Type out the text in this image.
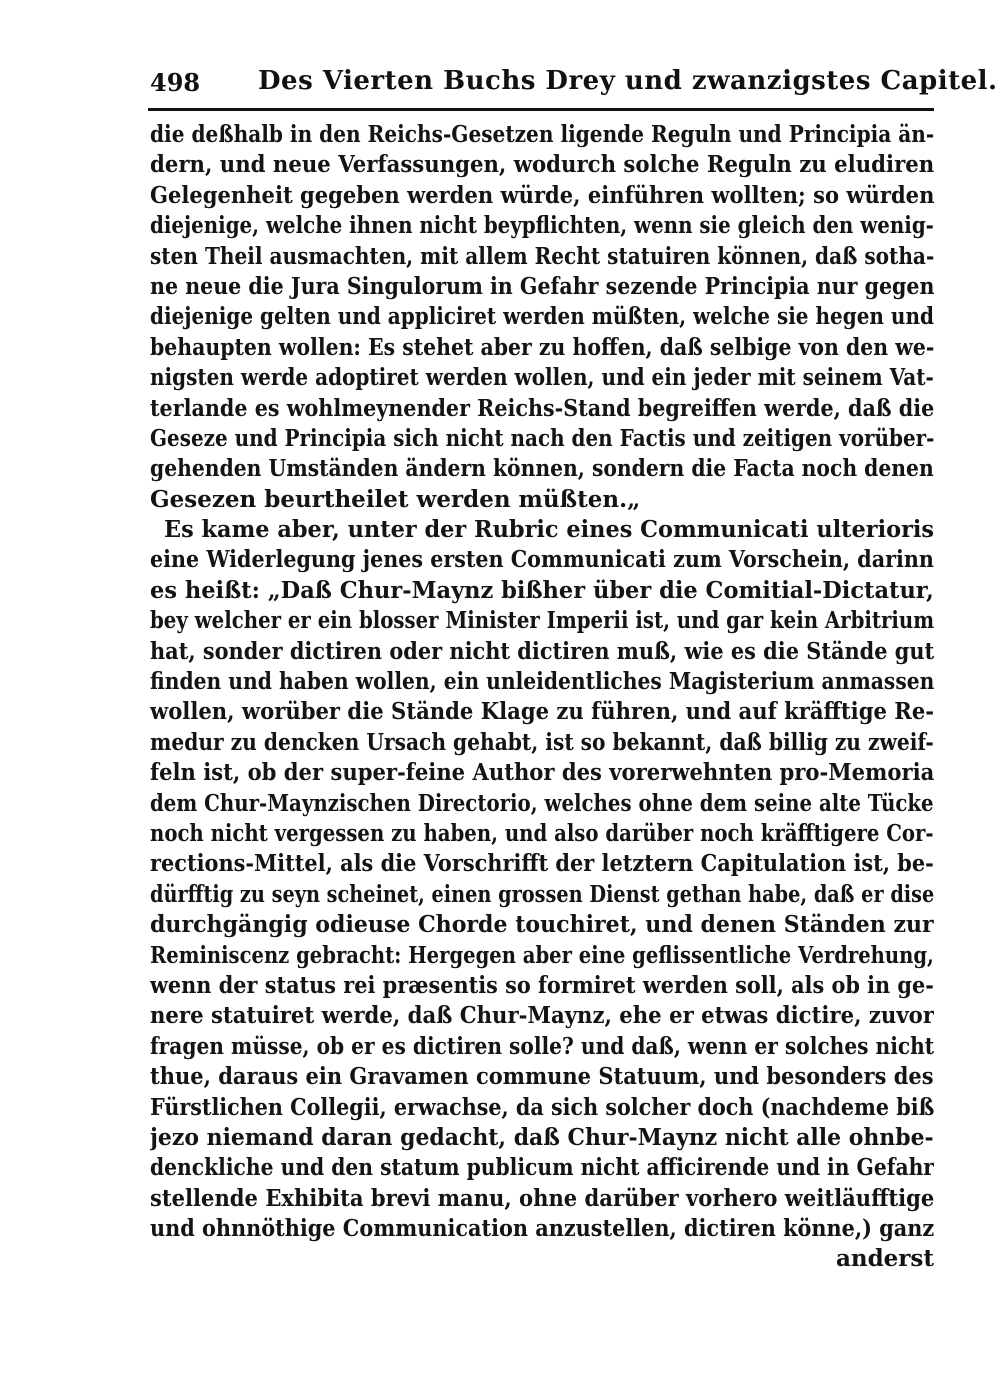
498 Des Vierten Buchs Drey und zwanzigstes Capitel.
die deßhalb in den Reichs-Gesetzen ligende Reguln und Principia än-
dern, und neue Verfassungen, wodurch solche Reguln zu eludiren
Gelegenheit gegeben werden würde, einführen wollten; so würden
diejenige, welche ihnen nicht beypflichten, wenn sie gleich den wenig-
sten Theil ausmachten, mit allem Recht statuiren können, daß sotha-
ne neue die Jura Singulorum in Gefahr sezende Principia nur gegen
diejenige gelten und appliciret werden müßten, welche sie hegen und
behaupten wollen: Es stehet aber zu hoffen, daß selbige von den we-
nigsten werde adoptiret werden wollen, und ein jeder mit seinem Vat-
terlande es wohlmeynender Reichs-Stand begreiffen werde, daß die
Geseze und Principia sich nicht nach den Factis und zeitigen vorüber-
gehenden Umständen ändern können, sondern die Facta noch denen
Gesezen beurtheilet werden müßten.„
Es kame aber, unter der Rubric eines Communicati ulterioris
eine Widerlegung jenes ersten Communicati zum Vorschein, darinn
es heißt: „Daß Chur-Maynz bißher über die Comitial-Dictatur,
bey welcher er ein blosser Minister Imperii ist, und gar kein Arbitrium
hat, sonder dictiren oder nicht dictiren muß, wie es die Stände gut
finden und haben wollen, ein unleidentliches Magisterium anmassen
wollen, worüber die Stände Klage zu führen, und auf kräfftige Re-
medur zu dencken Ursach gehabt, ist so bekannt, daß billig zu zweif-
feln ist, ob der super-feine Author des vorerwehnten pro-Memoria
dem Chur-Maynzischen Directorio, welches ohne dem seine alte Tücke
noch nicht vergessen zu haben, und also darüber noch kräfftigere Cor-
rections-Mittel, als die Vorschrifft der letztern Capitulation ist, be-
dürfftig zu seyn scheinet, einen grossen Dienst gethan habe, daß er dise
durchgängig odieuse Chorde touchiret, und denen Ständen zur
Reminiscenz gebracht: Hergegen aber eine geflissentliche Verdrehung,
wenn der status rei præsentis so formiret werden soll, als ob in ge-
nere statuiret werde, daß Chur-Maynz, ehe er etwas dictire, zuvor
fragen müsse, ob er es dictiren solle? und daß, wenn er solches nicht
thue, daraus ein Gravamen commune Statuum, und besonders des
Fürstlichen Collegii, erwachse, da sich solcher doch (nachdeme biß
jezo niemand daran gedacht, daß Chur-Maynz nicht alle ohnbe-
denckliche und den statum publicum nicht afficirende und in Gefahr
stellende Exhibita brevi manu, ohne darüber vorhero weitläufftige
und ohnnöthige Communication anzustellen, dictiren könne,) ganz
anderst
